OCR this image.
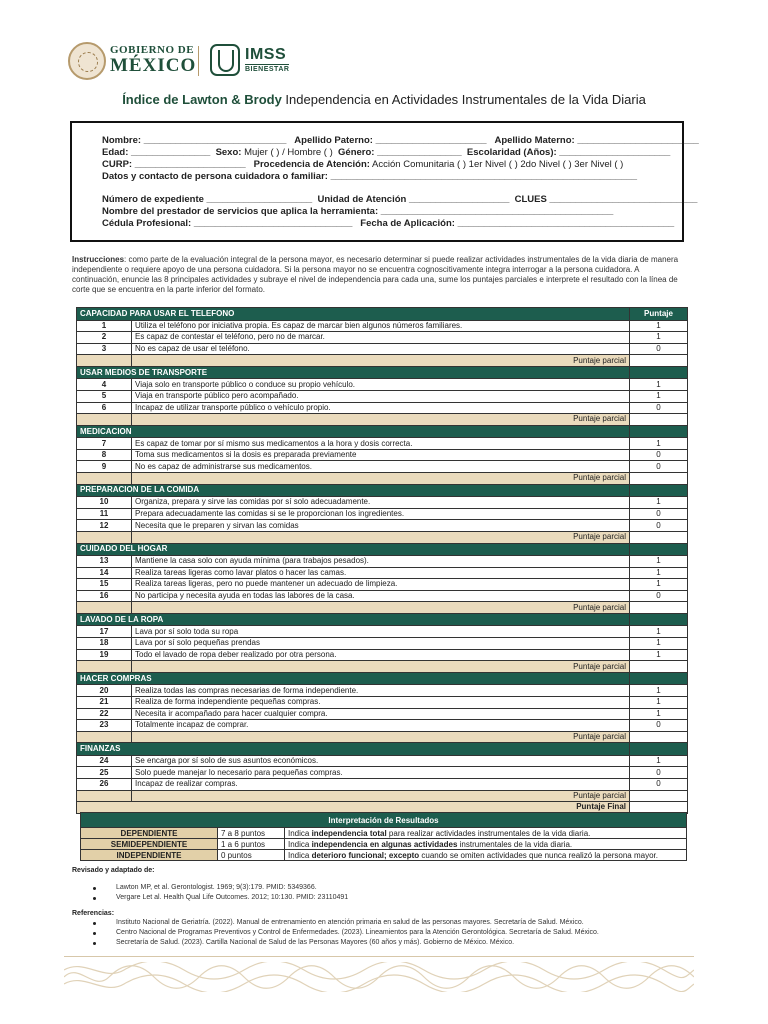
GOBIERNO DE
MÉXICO
IMSS
BIENESTAR
Índice de Lawton & Brody Independencia en Actividades Instrumentales de la Vida Diaria
Nombre: ___________________________ Apellido Paterno: _____________________ Apellido Materno: _______________________
Edad: _______________ Sexo: Mujer ( ) / Hombre ( ) Género: ________________ Escolaridad (Años): _____________________
CURP: _____________________ Procedencia de Atención: Acción Comunitaria ( ) 1er Nivel ( ) 2do Nivel ( ) 3er Nivel ( )
Datos y contacto de persona cuidadora o familiar: __________________________________________________________
Número de expediente ____________________ Unidad de Atención ___________________ CLUES ____________________________
Nombre del prestador de servicios que aplica la herramienta: ____________________________________________
Cédula Profesional: ______________________________ Fecha de Aplicación: _________________________________________
Instrucciones: como parte de la evaluación integral de la persona mayor, es necesario determinar si puede realizar actividades instrumentales de la vida diaria de manera independiente o requiere apoyo de una persona cuidadora. Si la persona mayor no se encuentra cognoscitivamente integra interrogar a la persona cuidadora. A continuación, enuncie las 8 principales actividades y subraye el nivel de independencia para cada una, sume los puntajes parciales e interprete el resultado con la línea de corte que se encuentra en la parte inferior del formato.
CAPACIDAD PARA USAR EL TELEFONO		Puntaje
1	Utiliza el teléfono por iniciativa propia. Es capaz de marcar bien algunos números familiares.	1
2	Es capaz de contestar el teléfono, pero no de marcar.	1
3	No es capaz de usar el teléfono.	0
	Puntaje parcial	
USAR MEDIOS DE TRANSPORTE		
4	Viaja solo en transporte público o conduce su propio vehículo.	1
5	Viaja en transporte público pero acompañado.	1
6	Incapaz de utilizar transporte público o vehículo propio.	0
	Puntaje parcial	
MEDICACION		
7	Es capaz de tomar por sí mismo sus medicamentos a la hora y dosis correcta.	1
8	Toma sus medicamentos si la dosis es preparada previamente	0
9	No es capaz de administrarse sus medicamentos.	0
	Puntaje parcial	
PREPARACION DE LA COMIDA		
10	Organiza, prepara y sirve las comidas por sí solo adecuadamente.	1
11	Prepara adecuadamente las comidas si se le proporcionan los ingredientes.	0
12	Necesita que le preparen y sirvan las comidas	0
	Puntaje parcial	
CUIDADO DEL HOGAR		
13	Mantiene la casa solo con ayuda mínima (para trabajos pesados).	1
14	Realiza tareas ligeras como lavar platos o hacer las camas.	1
15	Realiza tareas ligeras, pero no puede mantener un adecuado de limpieza.	1
16	No participa y necesita ayuda en todas las labores de la casa.	0
	Puntaje parcial	
LAVADO DE LA ROPA		
17	Lava por sí solo toda su ropa	1
18	Lava por sí solo pequeñas prendas	1
19	Todo el lavado de ropa deber realizado por otra persona.	1
	Puntaje parcial	
HACER COMPRAS		
20	Realiza todas las compras necesarias de forma independiente.	1
21	Realiza de forma independiente pequeñas compras.	1
22	Necesita ir acompañado para hacer cualquier compra.	1
23	Totalmente incapaz de comprar.	0
	Puntaje parcial	
FINANZAS		
24	Se encarga por sí solo de sus asuntos económicos.	1
25	Solo puede manejar lo necesario para pequeñas compras.	0
26	Incapaz de realizar compras.	0
	Puntaje parcial	
Puntaje Final		
Interpretación de Resultados		
DEPENDIENTE	7 a 8 puntos	Indica independencia total para realizar actividades instrumentales de la vida diaria.
SEMIDEPENDIENTE	1 a 6 puntos	Indica independencia en algunas actividades instrumentales de la vida diaria.
INDEPENDIENTE	0 puntos	Indica deterioro funcional; excepto cuando se omiten actividades que nunca realizó la persona mayor.
Revisado y adaptado de:
Lawton MP, et al. Gerontologist. 1969; 9(3):179. PMID: 5349366.
Vergare Let al. Health Qual Life Outcomes. 2012; 10:130. PMID: 23110491
Referencias:
Instituto Nacional de Geriatría. (2022). Manual de entrenamiento en atención primaria en salud de las personas mayores. Secretaría de Salud. México.
Centro Nacional de Programas Preventivos y Control de Enfermedades. (2023). Lineamientos para la Atención Gerontológica. Secretaría de Salud. México.
Secretaría de Salud. (2023). Cartilla Nacional de Salud de las Personas Mayores (60 años y más). Gobierno de México. México.
